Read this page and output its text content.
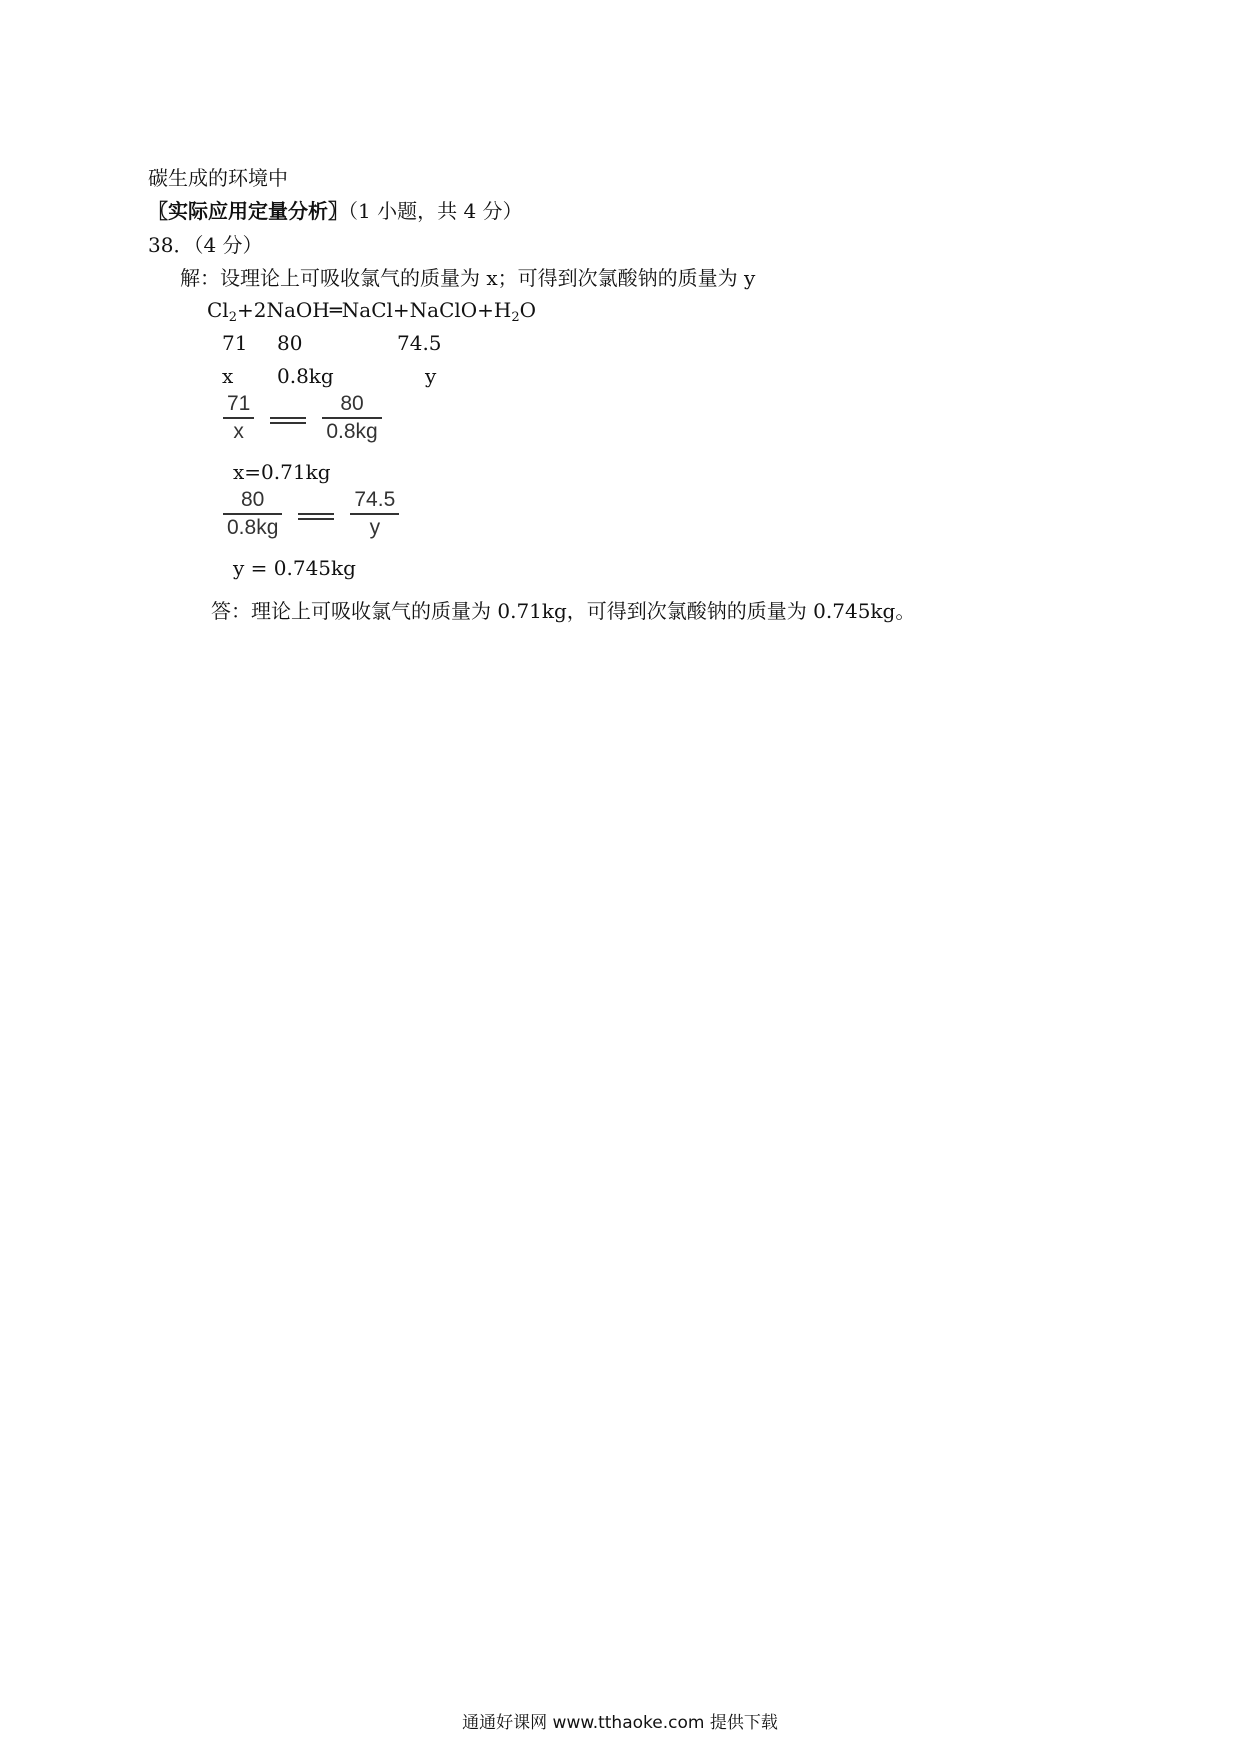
碳生成的环境中
〖实际应用定量分析〗（1 小题，共 4 分）
38．（4 分）
解：设理论上可吸收氯气的质量为 x；可得到次氯酸钠的质量为 y
$Cl_2+2NaOH═NaCl+NaClO+H_2O$
71 80	74.5
x 0.8kg	y
$\frac{71}{x}$	$\frac{80}{0.8kg}$
x=0.71kg
$\frac{80}{0.8kg}$	$\frac{74.5}{y}$
y = 0.745kg
答：理论上可吸收氯气的质量为 0.71kg，可得到次氯酸钠的质量为 0.745kg。
通通好课网 www.tthaoke.com 提供下载
